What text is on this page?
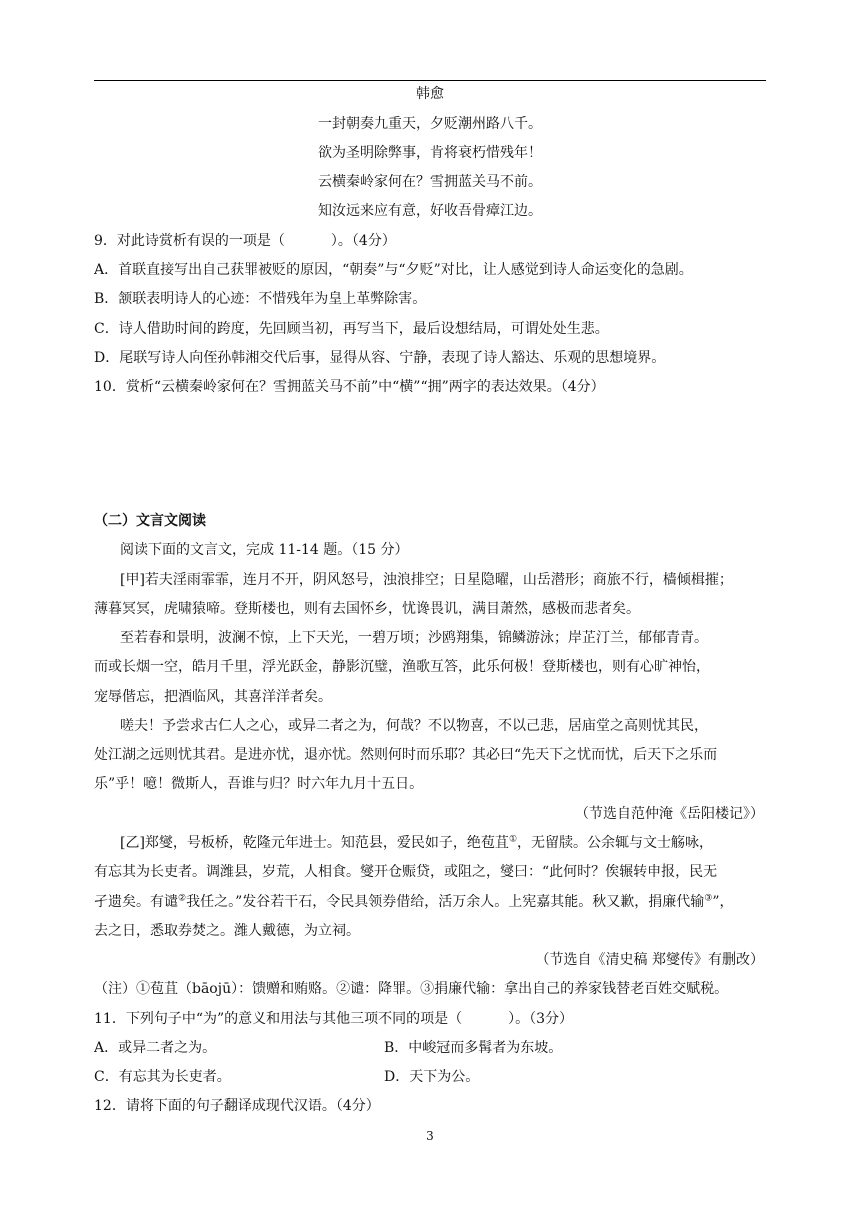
韩愈
一封朝奏九重天，夕贬潮州路八千。
欲为圣明除弊事，肯将衰朽惜残年！
云横秦岭家何在？雪拥蓝关马不前。
知汝远来应有意，好收吾骨瘴江边。
9．对此诗赏析有误的一项是（	）。（4分）
A．首联直接写出自己获罪被贬的原因，“朝奏”与“夕贬”对比，让人感觉到诗人命运变化的急剧。
B．颔联表明诗人的心迹：不惜残年为皇上革弊除害。
C．诗人借助时间的跨度，先回顾当初，再写当下，最后设想结局，可谓处处生悲。
D．尾联写诗人向侄孙韩湘交代后事，显得从容、宁静，表现了诗人豁达、乐观的思想境界。
10．赏析“云横秦岭家何在？雪拥蓝关马不前”中“横”“拥”两字的表达效果。（4分）
（二）文言文阅读
阅读下面的文言文，完成 11-14 题。（15 分）
[甲]若夫淫雨霏霏，连月不开，阴风怒号，浊浪排空；日星隐曜，山岳潜形；商旅不行，樯倾楫摧；
薄暮冥冥，虎啸猿啼。登斯楼也，则有去国怀乡，忧谗畏讥，满目萧然，感极而悲者矣。
至若春和景明，波澜不惊，上下天光，一碧万顷；沙鸥翔集，锦鳞游泳；岸芷汀兰，郁郁青青。
而或长烟一空，皓月千里，浮光跃金，静影沉璧，渔歌互答，此乐何极！登斯楼也，则有心旷神怡，
宠辱偕忘，把酒临风，其喜洋洋者矣。
嗟夫！予尝求古仁人之心，或异二者之为，何哉？不以物喜，不以己悲，居庙堂之高则忧其民，
处江湖之远则忧其君。是进亦忧，退亦忧。然则何时而乐耶？其必曰“先天下之忧而忧，后天下之乐而
乐”乎！噫！微斯人，吾谁与归？时六年九月十五日。
（节选自范仲淹《岳阳楼记》）
[乙]郑燮，号板桥，乾隆元年进士。知范县，爱民如子，绝苞苴①，无留牍。公余辄与文士觞咏，
有忘其为长吏者。调潍县，岁荒，人相食。燮开仓赈贷，或阻之，燮曰：“此何时？俟辗转申报，民无
孑遗矣。有谴②我任之。”发谷若干石，令民具领券借给，活万余人。上宪嘉其能。秋又歉，捐廉代输③”，
去之日，悉取券焚之。潍人戴德，为立祠。
（节选自《清史稿 郑燮传》有删改）
（注）①苞苴（bāojū）：馈赠和贿赂。②谴：降罪。③捐廉代输：拿出自己的养家钱替老百姓交赋税。
11．下列句子中“为”的意义和用法与其他三项不同的项是（	）。（3分）
A．或异二者之为。	B．中峻冠而多髯者为东坡。
C．有忘其为长吏者。	D．天下为公。
12．请将下面的句子翻译成现代汉语。（4分）
3
